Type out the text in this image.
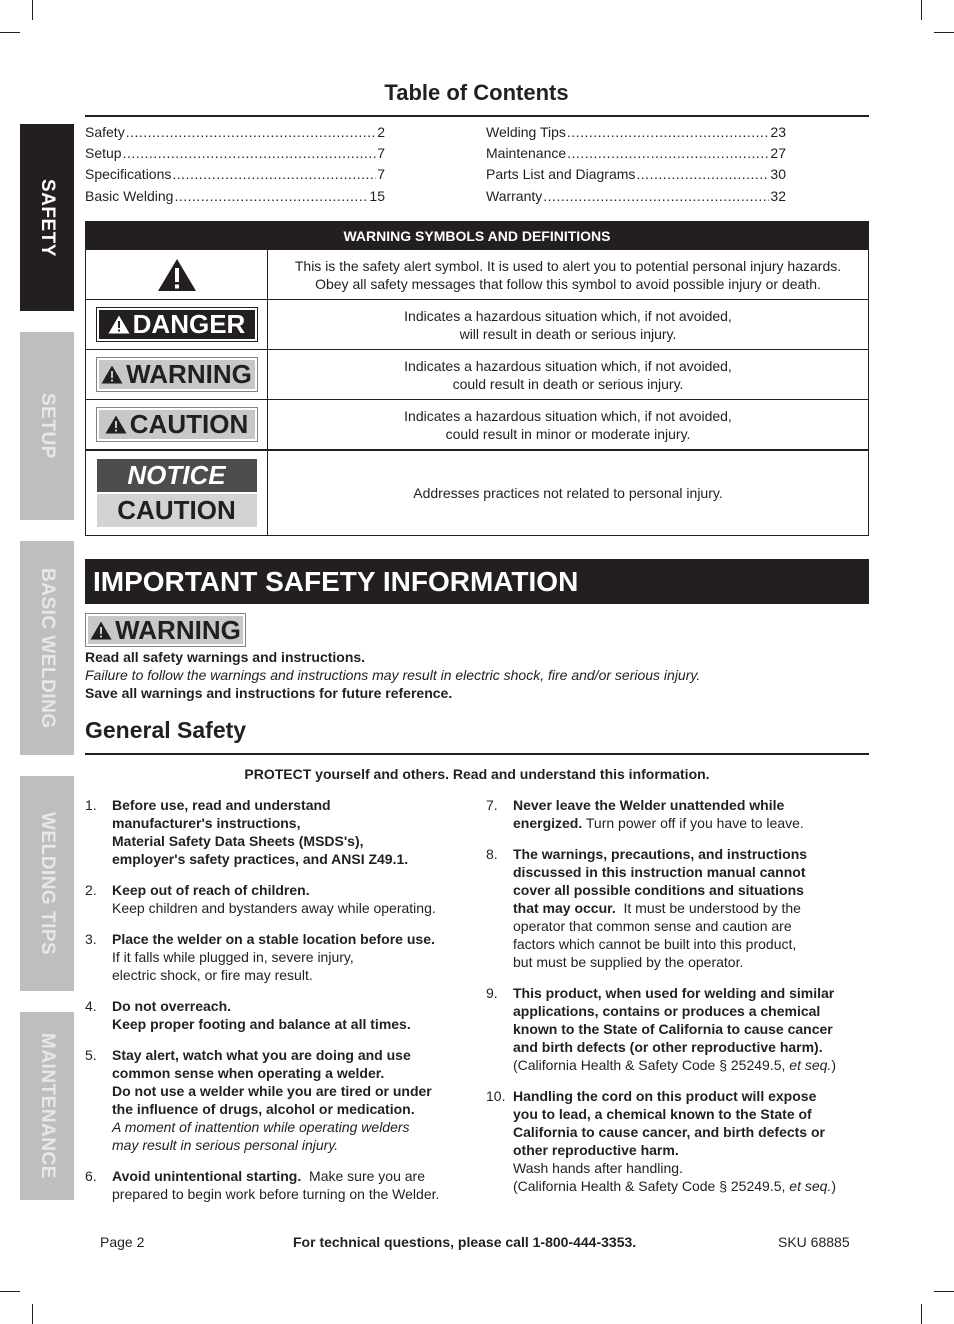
SAFETY
SETUP
BASIC WELDING
WELDING TIPS
MAINTENANCE
Table of Contents
Safety .....	2
Setup .....	7
Specifications .....	7
Basic Welding .....	15
Welding Tips .....	23
Maintenance .....	27
Parts List and Diagrams .....	30
Warranty .....	32
WARNING SYMBOLS AND DEFINITIONS
This is the safety alert symbol. It is used to alert you to potential personal injury hazards.
Obey all safety messages that follow this symbol to avoid possible injury or death.
DANGER	Indicates a hazardous situation which, if not avoided,
will result in death or serious injury.
WARNING	Indicates a hazardous situation which, if not avoided,
could result in death or serious injury.
CAUTION	Indicates a hazardous situation which, if not avoided,
could result in minor or moderate injury.
NOTICE
CAUTION
Addresses practices not related to personal injury.
IMPORTANT SAFETY INFORMATION
WARNING
Read all safety warnings and instructions.
Failure to follow the warnings and instructions may result in electric shock, fire and/or serious injury.
Save all warnings and instructions for future reference.
General Safety
PROTECT yourself and others. Read and understand this information.
1. Before use, read and understand
manufacturer's instructions,
Material Safety Data Sheets (MSDS's),
employer's safety practices, and ANSI Z49.1.
2. Keep out of reach of children.
Keep children and bystanders away while operating.
3. Place the welder on a stable location before use.
If it falls while plugged in, severe injury,
electric shock, or fire may result.
4. Do not overreach.
Keep proper footing and balance at all times.
5. Stay alert, watch what you are doing and use
common sense when operating a welder.
Do not use a welder while you are tired or under
the influence of drugs, alcohol or medication.
A moment of inattention while operating welders
may result in serious personal injury.
6. Avoid unintentional starting.  Make sure you are
prepared to begin work before turning on the Welder.
7. Never leave the Welder unattended while
energized. Turn power off if you have to leave.
8. The warnings, precautions, and instructions
discussed in this instruction manual cannot
cover all possible conditions and situations
that may occur.  It must be understood by the
operator that common sense and caution are
factors which cannot be built into this product,
but must be supplied by the operator.
9. This product, when used for welding and similar
applications, contains or produces a chemical
known to the State of California to cause cancer
and birth defects (or other reproductive harm).
(California Health & Safety Code § 25249.5, et seq.)
10. Handling the cord on this product will expose
you to lead, a chemical known to the State of
California to cause cancer, and birth defects or
other reproductive harm.
Wash hands after handling.
(California Health & Safety Code § 25249.5, et seq.)
Page 2	For technical questions, please call 1-800-444-3353.	SKU 68885
